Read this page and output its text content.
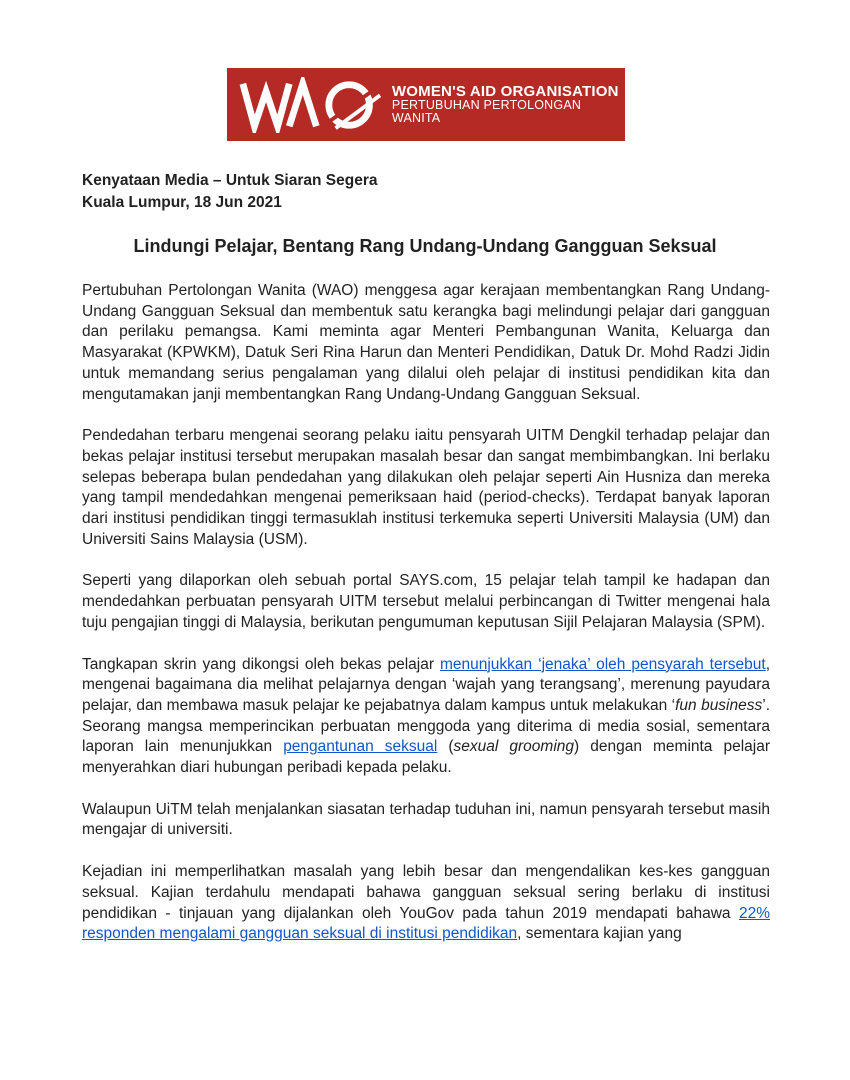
WOMEN'S AID ORGANISATION
PERTUBUHAN PERTOLONGAN WANITA
Kenyataan Media – Untuk Siaran Segera
Kuala Lumpur, 18 Jun 2021
Lindungi Pelajar, Bentang Rang Undang-Undang Gangguan Seksual

Pertubuhan Pertolongan Wanita (WAO) menggesa agar kerajaan membentangkan Rang Undang-Undang Gangguan Seksual dan membentuk satu kerangka bagi melindungi pelajar dari gangguan dan perilaku pemangsa. Kami meminta agar Menteri Pembangunan Wanita, Keluarga dan Masyarakat (KPWKM), Datuk Seri Rina Harun dan Menteri Pendidikan, Datuk Dr. Mohd Radzi Jidin untuk memandang serius pengalaman yang dilalui oleh pelajar di institusi pendidikan kita dan mengutamakan janji membentangkan Rang Undang-Undang Gangguan Seksual.

Pendedahan terbaru mengenai seorang pelaku iaitu pensyarah UITM Dengkil terhadap pelajar dan bekas pelajar institusi tersebut merupakan masalah besar dan sangat membimbangkan. Ini berlaku selepas beberapa bulan pendedahan yang dilakukan oleh pelajar seperti Ain Husniza dan mereka yang tampil mendedahkan mengenai pemeriksaan haid (period-checks). Terdapat banyak laporan dari institusi pendidikan tinggi termasuklah institusi terkemuka seperti Universiti Malaysia (UM) dan Universiti Sains Malaysia (USM).

Seperti yang dilaporkan oleh sebuah portal SAYS.com, 15 pelajar telah tampil ke hadapan dan mendedahkan perbuatan pensyarah UITM tersebut melalui perbincangan di Twitter mengenai hala tuju pengajian tinggi di Malaysia, berikutan pengumuman keputusan Sijil Pelajaran Malaysia (SPM).

Tangkapan skrin yang dikongsi oleh bekas pelajar menunjukkan ‘jenaka’ oleh pensyarah tersebut, mengenai bagaimana dia melihat pelajarnya dengan ‘wajah yang terangsang’, merenung payudara pelajar, dan membawa masuk pelajar ke pejabatnya dalam kampus untuk melakukan ‘fun business’. Seorang mangsa memperincikan perbuatan menggoda yang diterima di media sosial, sementara laporan lain menunjukkan pengantunan seksual (sexual grooming) dengan meminta pelajar menyerahkan diari hubungan peribadi kepada pelaku.

Walaupun UiTM telah menjalankan siasatan terhadap tuduhan ini, namun pensyarah tersebut masih mengajar di universiti.

Kejadian ini memperlihatkan masalah yang lebih besar dan mengendalikan kes-kes gangguan seksual. Kajian terdahulu mendapati bahawa gangguan seksual sering berlaku di institusi pendidikan - tinjauan yang dijalankan oleh YouGov pada tahun 2019 mendapati bahawa 22% responden mengalami gangguan seksual di institusi pendidikan, sementara kajian yang
